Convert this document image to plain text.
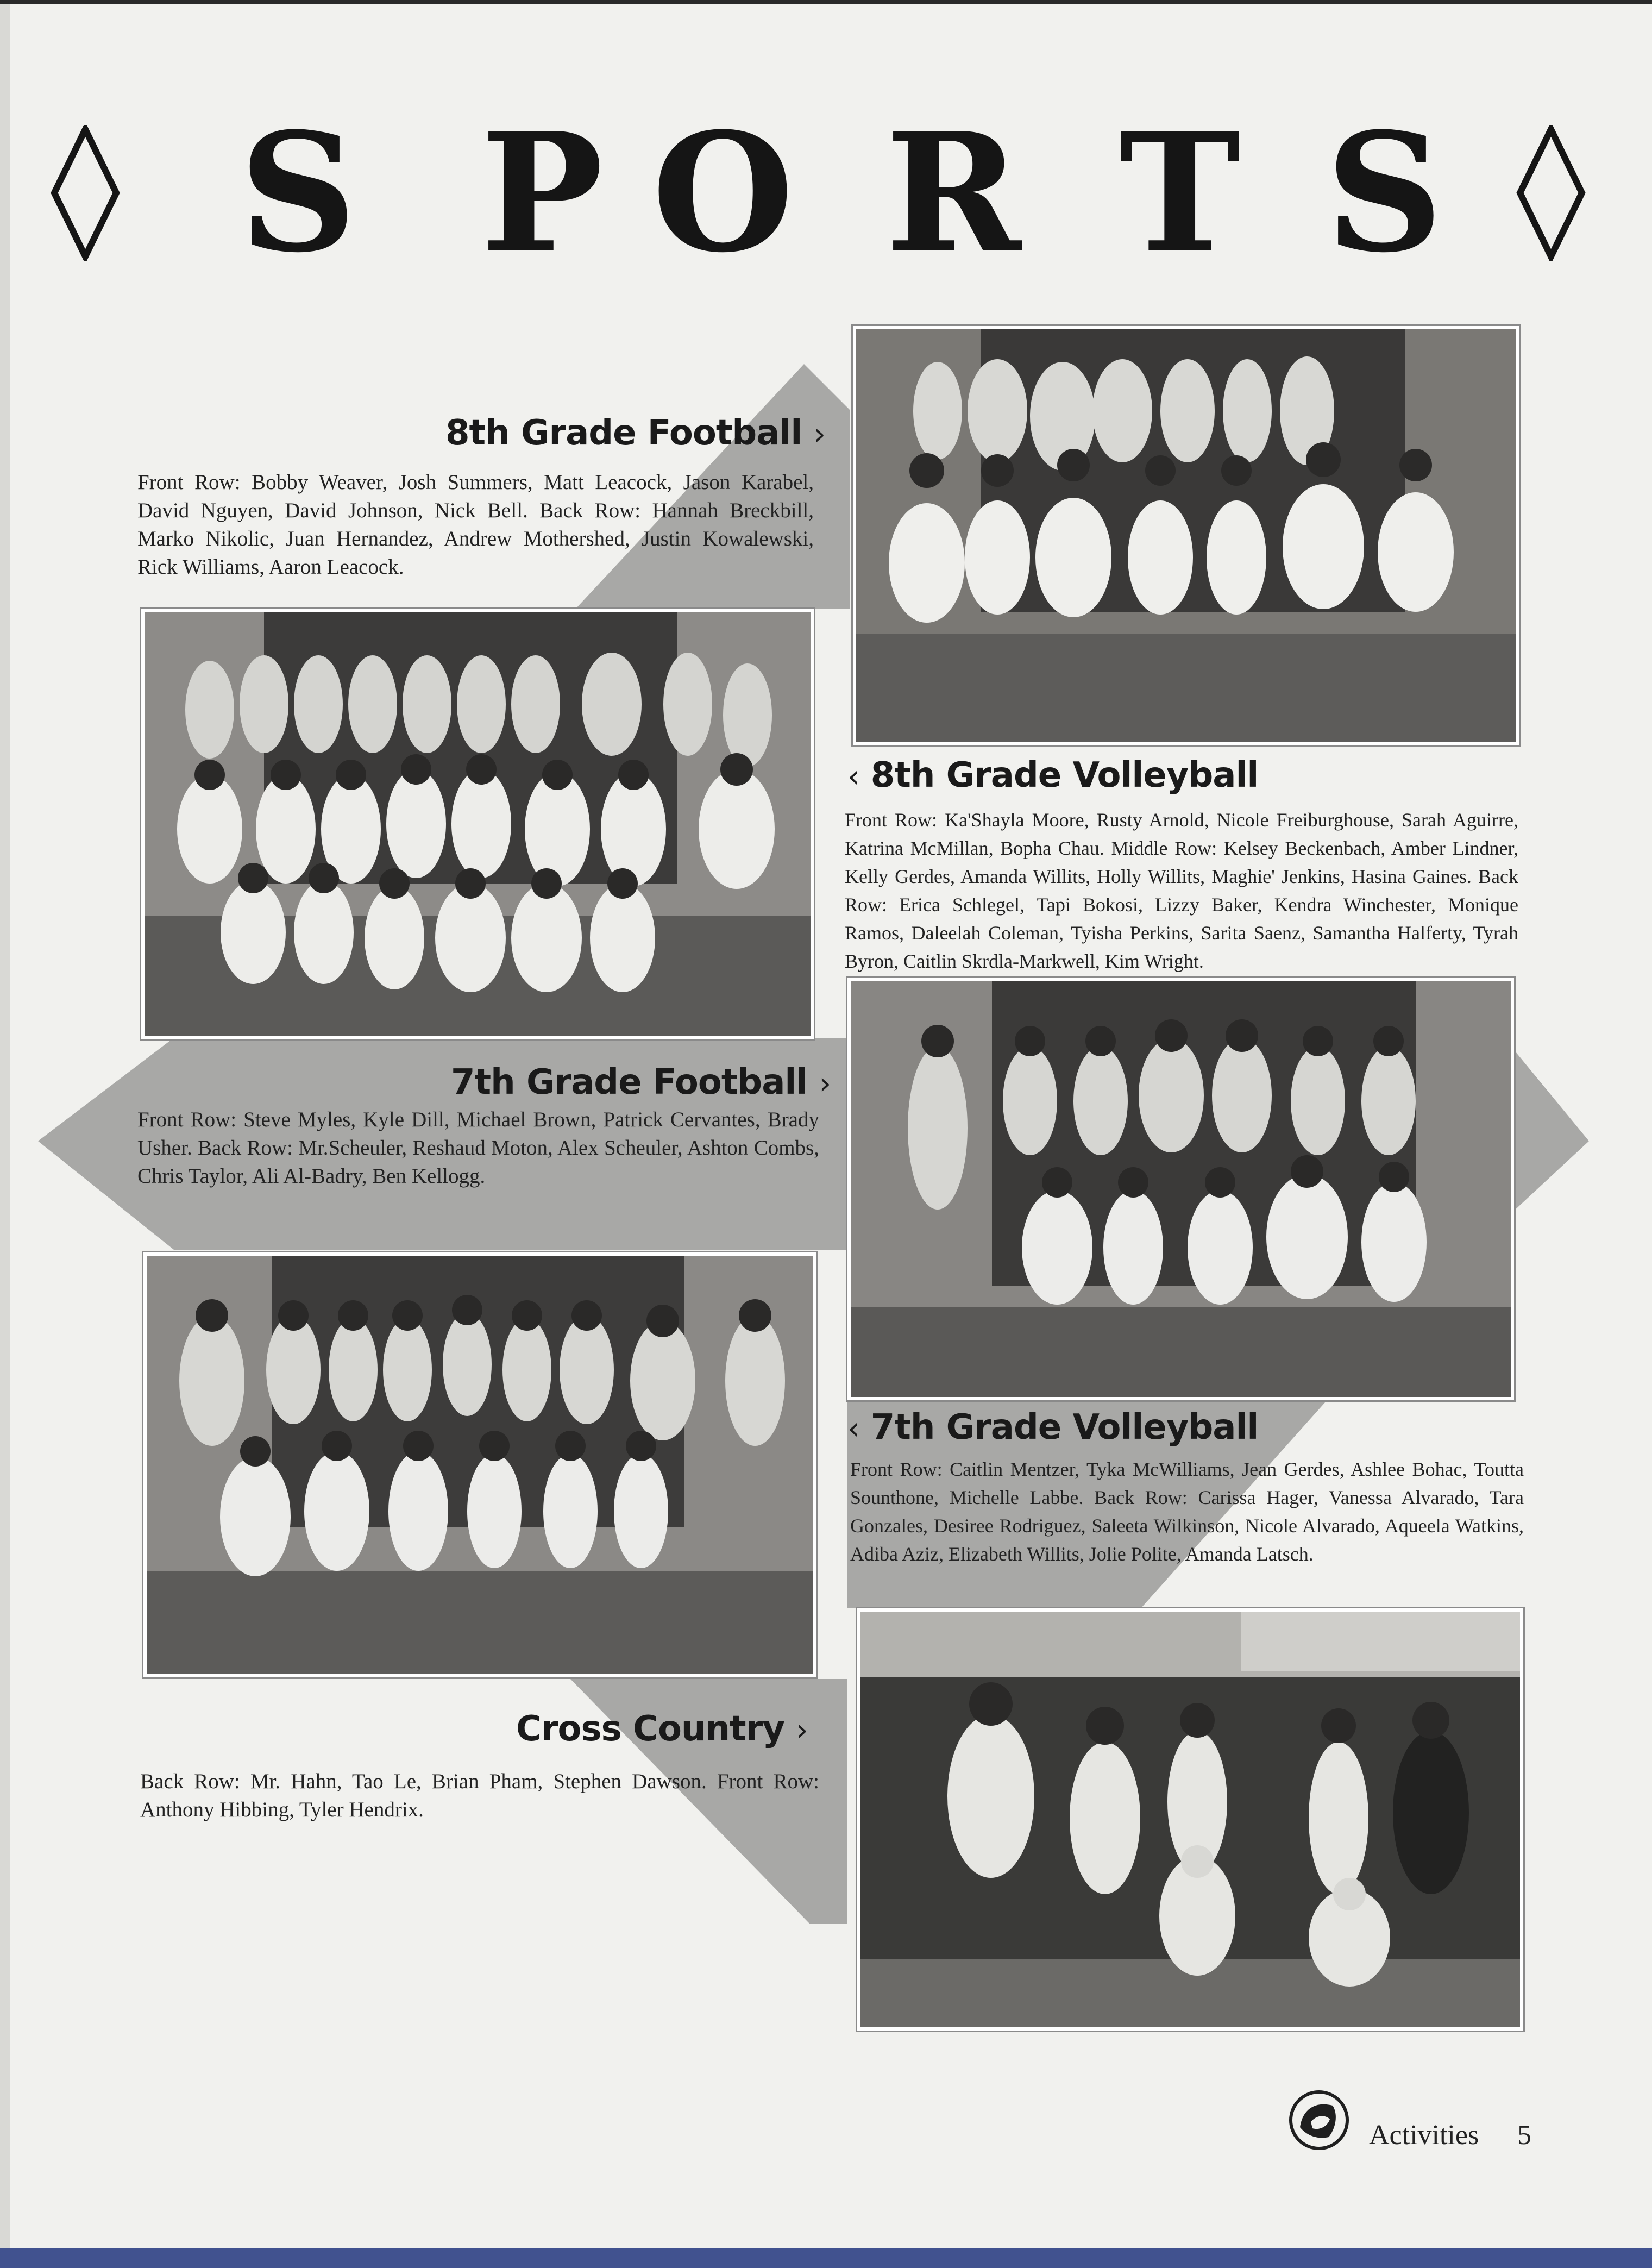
S P O R T S
8th Grade Football ›
Front Row: Bobby Weaver, Josh Summers, Matt Leacock, Jason Karabel, David Nguyen, David Johnson, Nick Bell. Back Row: Hannah Breckbill, Marko Nikolic, Juan Hernandez, Andrew Mothershed, Justin Kowalewski, Rick Williams, Aaron Leacock.
‹ 8th Grade Volleyball
Front Row: Ka'Shayla Moore, Rusty Arnold, Nicole Freiburghouse, Sarah Aguirre, Katrina McMillan, Bopha Chau. Middle Row: Kelsey Beckenbach, Amber Lindner, Kelly Gerdes, Amanda Willits, Holly Willits, Maghie' Jenkins, Hasina Gaines. Back Row: Erica Schlegel, Tapi Bokosi, Lizzy Baker, Kendra Winchester, Monique Ramos, Daleelah Coleman, Tyisha Perkins, Sarita Saenz, Samantha Halferty, Tyrah Byron, Caitlin Skrdla-Markwell, Kim Wright.
7th Grade Football ›
Front Row: Steve Myles, Kyle Dill, Michael Brown, Patrick Cervantes, Brady Usher. Back Row: Mr.Scheuler, Reshaud Moton, Alex Scheuler, Ashton Combs, Chris Taylor, Ali Al-Badry, Ben Kellogg.
‹ 7th Grade Volleyball
Front Row: Caitlin Mentzer, Tyka McWilliams, Jean Gerdes, Ashlee Bohac, Toutta Sounthone, Michelle Labbe. Back Row: Carissa Hager, Vanessa Alvarado, Tara Gonzales, Desiree Rodriguez, Saleeta Wilkinson, Nicole Alvarado, Aqueela Watkins, Adiba Aziz, Elizabeth Willits, Jolie Polite, Amanda Latsch.
Cross Country ›
Back Row: Mr. Hahn, Tao Le, Brian Pham, Stephen Dawson. Front Row: Anthony Hibbing, Tyler Hendrix.
Activities 5
